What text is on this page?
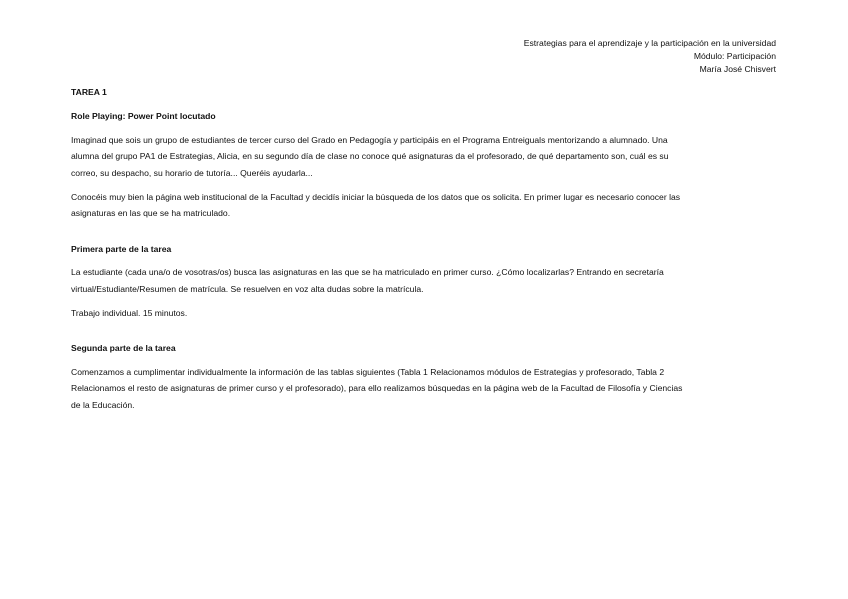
Estrategias para el aprendizaje y la participación en la universidad
Módulo: Participación
María José Chisvert

TAREA 1

Role Playing: Power Point locutado

Imaginad que sois un grupo de estudiantes de tercer curso del Grado en Pedagogía y participáis en el Programa Entreiguals mentorizando a alumnado. Una
alumna del grupo PA1 de Estrategias, Alicia, en su segundo día de clase no conoce qué asignaturas da el profesorado, de qué departamento son, cuál es su
correo, su despacho, su horario de tutoría... Queréis ayudarla...

Conocéis muy bien la página web institucional de la Facultad y decidís iniciar la búsqueda de los datos que os solicita. En primer lugar es necesario conocer las
asignaturas en las que se ha matriculado.

Primera parte de la tarea

La estudiante (cada una/o de vosotras/os) busca las asignaturas en las que se ha matriculado en primer curso. ¿Cómo localizarlas? Entrando en secretaría
virtual/Estudiante/Resumen de matrícula. Se resuelven en voz alta dudas sobre la matrícula.

Trabajo individual. 15 minutos.

Segunda parte de la tarea

Comenzamos a cumplimentar individualmente la información de las tablas siguientes (Tabla 1 Relacionamos módulos de Estrategias y profesorado, Tabla 2
Relacionamos el resto de asignaturas de primer curso y el profesorado), para ello realizamos búsquedas en la página web de la Facultad de Filosofía y Ciencias
de la Educación.
